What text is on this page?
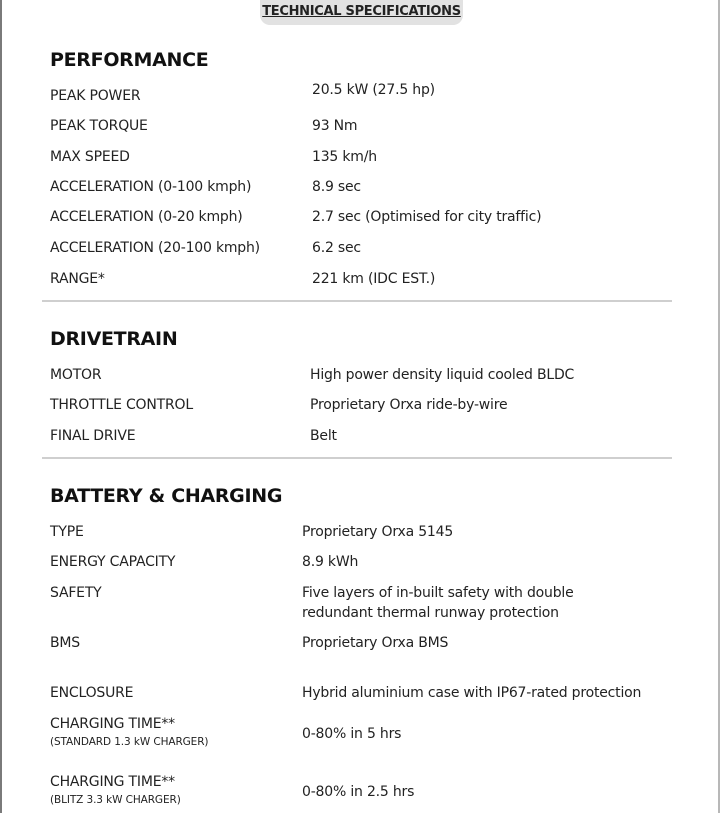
TECHNICAL SPECIFICATIONS
PERFORMANCE
PEAK POWER	20.5 kW (27.5 hp)
PEAK TORQUE	93 Nm
MAX SPEED	135 km/h
ACCELERATION (0-100 kmph)	8.9 sec
ACCELERATION (0-20 kmph)	2.7 sec (Optimised for city traffic)
ACCELERATION (20-100 kmph)	6.2 sec
RANGE*	221 km (IDC EST.)
DRIVETRAIN
MOTOR	High power density liquid cooled BLDC
THROTTLE CONTROL	Proprietary Orxa ride-by-wire
FINAL DRIVE	Belt
BATTERY & CHARGING
TYPE	Proprietary Orxa 5145
ENERGY CAPACITY	8.9 kWh
SAFETY	Five layers of in-built safety with double
redundant thermal runway protection
BMS	Proprietary Orxa BMS
ENCLOSURE	Hybrid aluminium case with IP67-rated protection
CHARGING TIME**
(STANDARD 1.3 kW CHARGER)	0-80% in 5 hrs
CHARGING TIME**
(BLITZ 3.3 kW CHARGER)	0-80% in 2.5 hrs
